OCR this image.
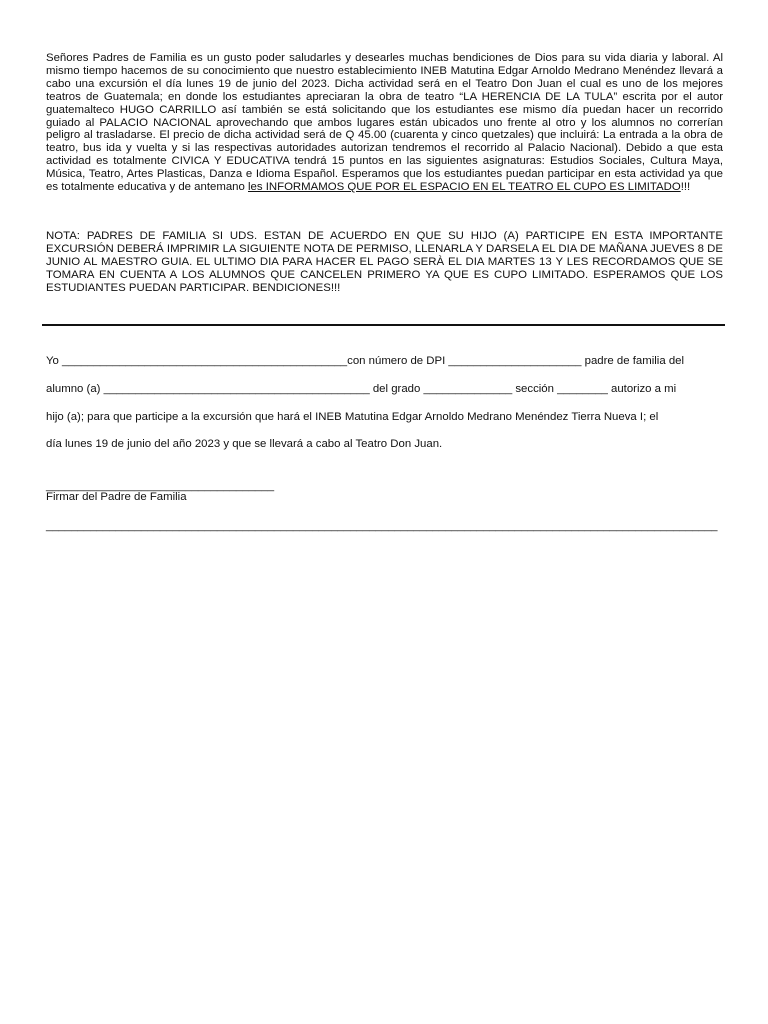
Señores Padres de Familia es un gusto poder saludarles y desearles muchas bendiciones de Dios para su vida diaria y laboral. Al mismo tiempo hacemos de su conocimiento que nuestro establecimiento INEB Matutina Edgar Arnoldo Medrano Menéndez llevará a cabo una excursión el día lunes 19 de junio del 2023. Dicha actividad será en el Teatro Don Juan el cual es uno de los mejores teatros de Guatemala; en donde los estudiantes apreciaran la obra de teatro “LA HERENCIA DE LA TULA” escrita por el autor guatemalteco HUGO CARRILLO así también se está solicitando que los estudiantes ese mismo día puedan hacer un recorrido guiado al PALACIO NACIONAL aprovechando que ambos lugares están ubicados uno frente al otro y los alumnos no correrían peligro al trasladarse. El precio de dicha actividad será de Q 45.00 (cuarenta y cinco quetzales) que incluirá: La entrada a la obra de teatro, bus ida y vuelta y si las respectivas autoridades autorizan tendremos el recorrido al Palacio Nacional). Debido a que esta actividad es totalmente CIVICA Y EDUCATIVA tendrá 15 puntos en las siguientes asignaturas: Estudios Sociales, Cultura Maya, Música, Teatro, Artes Plasticas, Danza e Idioma Español. Esperamos que los estudiantes puedan participar en esta actividad ya que es totalmente educativa y de antemano les INFORMAMOS QUE POR EL ESPACIO EN EL TEATRO EL CUPO ES LIMITADO!!!

NOTA: PADRES DE FAMILIA SI UDS. ESTAN DE ACUERDO EN QUE SU HIJO (A) PARTICIPE EN ESTA IMPORTANTE EXCURSIÓN DEBERÁ IMPRIMIR LA SIGUIENTE NOTA DE PERMISO, LLENARLA Y DARSELA EL DIA DE MAÑANA JUEVES 8 DE JUNIO AL MAESTRO GUIA. EL ULTIMO DIA PARA HACER EL PAGO SERÀ EL DIA MARTES 13 Y LES RECORDAMOS QUE SE TOMARA EN CUENTA A LOS ALUMNOS QUE CANCELEN PRIMERO YA QUE ES CUPO LIMITADO. ESPERAMOS QUE LOS ESTUDIANTES PUEDAN PARTICIPAR. BENDICIONES!!!

Yo _____________________________________________con número de DPI _____________________ padre de familia del

alumno (a) __________________________________________ del grado ______________ sección ________ autorizo a mi

hijo (a); para que participe a la excursión que hará el INEB Matutina Edgar Arnoldo Medrano Menéndez Tierra Nueva I; el

día lunes 19 de junio del año 2023 y que se llevará a cabo al Teatro Don Juan.

____________________________________

Firmar del Padre de Familia

__________________________________________________________________________________________________________
